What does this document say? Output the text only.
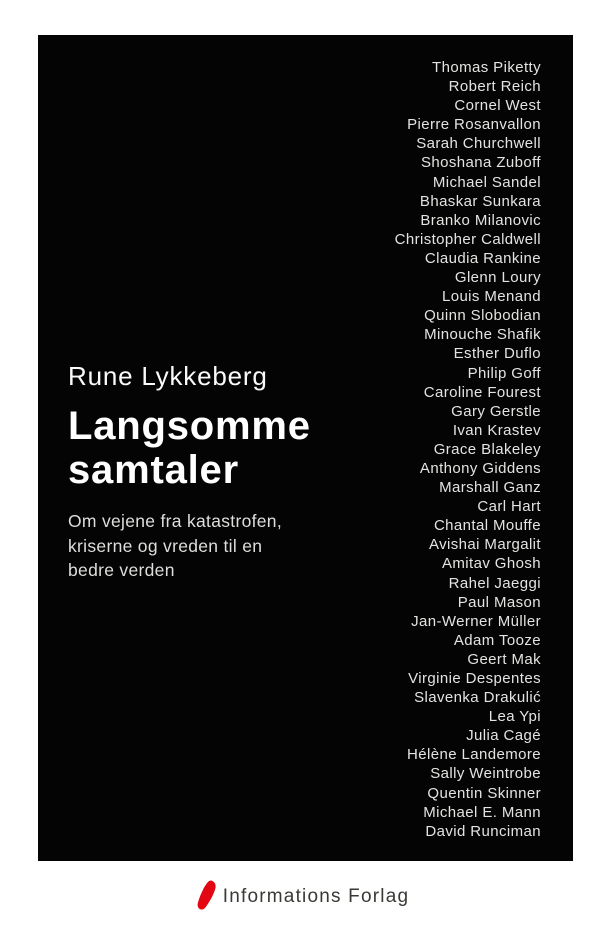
Thomas Piketty
Robert Reich
Cornel West
Pierre Rosanvallon
Sarah Churchwell
Shoshana Zuboff
Michael Sandel
Bhaskar Sunkara
Branko Milanovic
Christopher Caldwell
Claudia Rankine
Glenn Loury
Louis Menand
Quinn Slobodian
Minouche Shafik
Esther Duflo
Philip Goff
Caroline Fourest
Gary Gerstle
Ivan Krastev
Grace Blakeley
Anthony Giddens
Marshall Ganz
Carl Hart
Chantal Mouffe
Avishai Margalit
Amitav Ghosh
Rahel Jaeggi
Paul Mason
Jan-Werner Müller
Adam Tooze
Geert Mak
Virginie Despentes
Slavenka Drakulić
Lea Ypi
Julia Cagé
Hélène Landemore
Sally Weintrobe
Quentin Skinner
Michael E. Mann
David Runciman
Rune Lykkeberg
Langsomme
samtaler
Om vejene fra katastrofen,
kriserne og vreden til en
bedre verden
Informations Forlag
